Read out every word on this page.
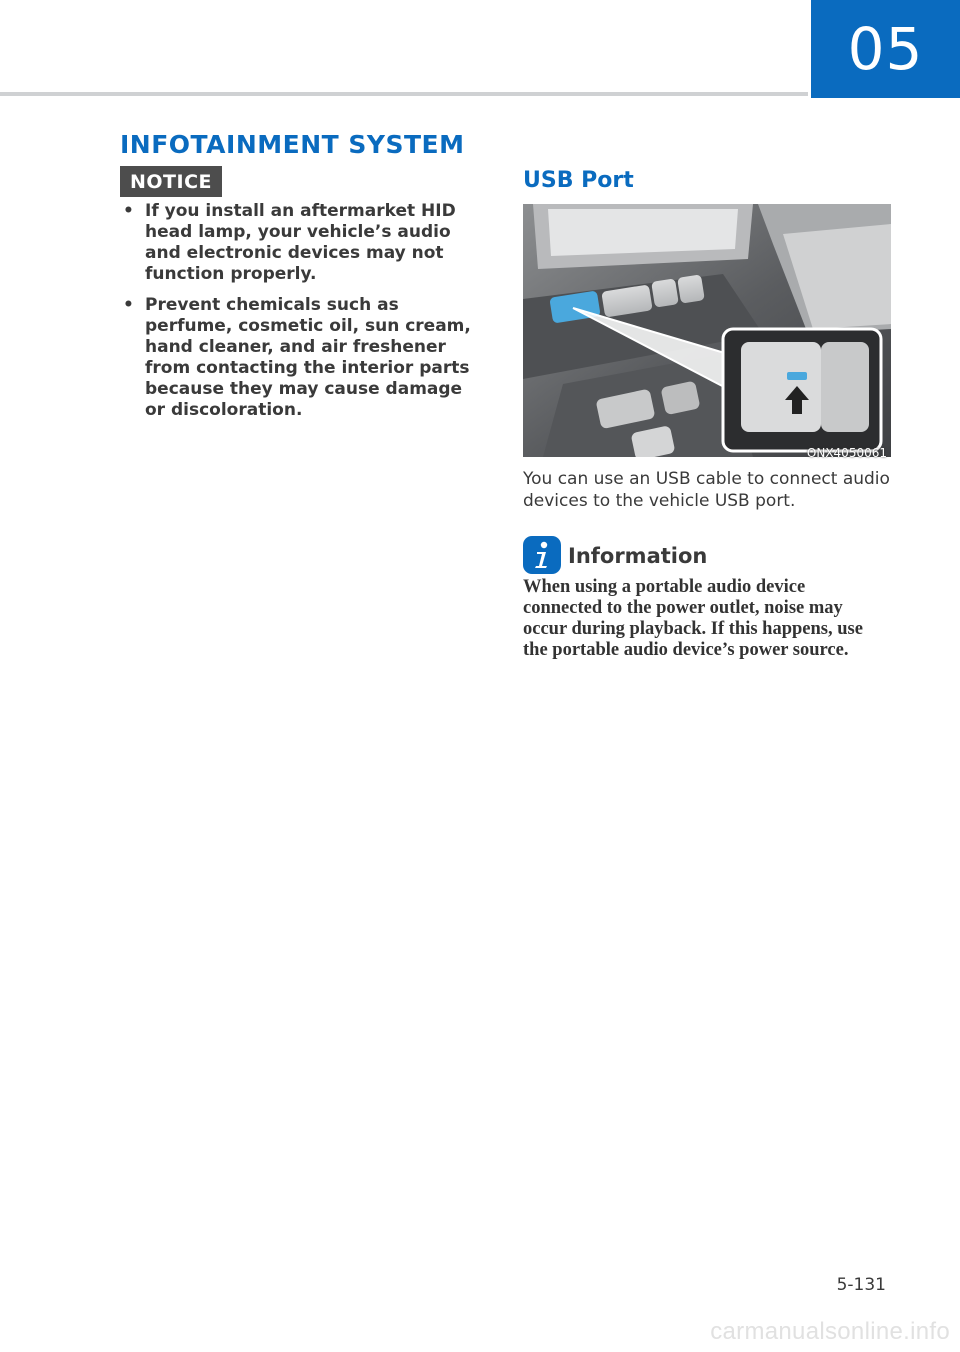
05
INFOTAINMENT SYSTEM
NOTICE
• If you install an aftermarket HID head lamp, your vehicle’s audio and electronic devices may not function properly.
• Prevent chemicals such as perfume, cosmetic oil, sun cream, hand cleaner, and air freshener from contacting the interior parts because they may cause damage or discoloration.
USB Port
ONX4050061

You can use an USB cable to connect audio devices to the vehicle USB port.

Information

When using a portable audio device connected to the power outlet, noise may occur during playback. If this happens, use the portable audio device’s power source.

5-131
carmanualsonline.info
